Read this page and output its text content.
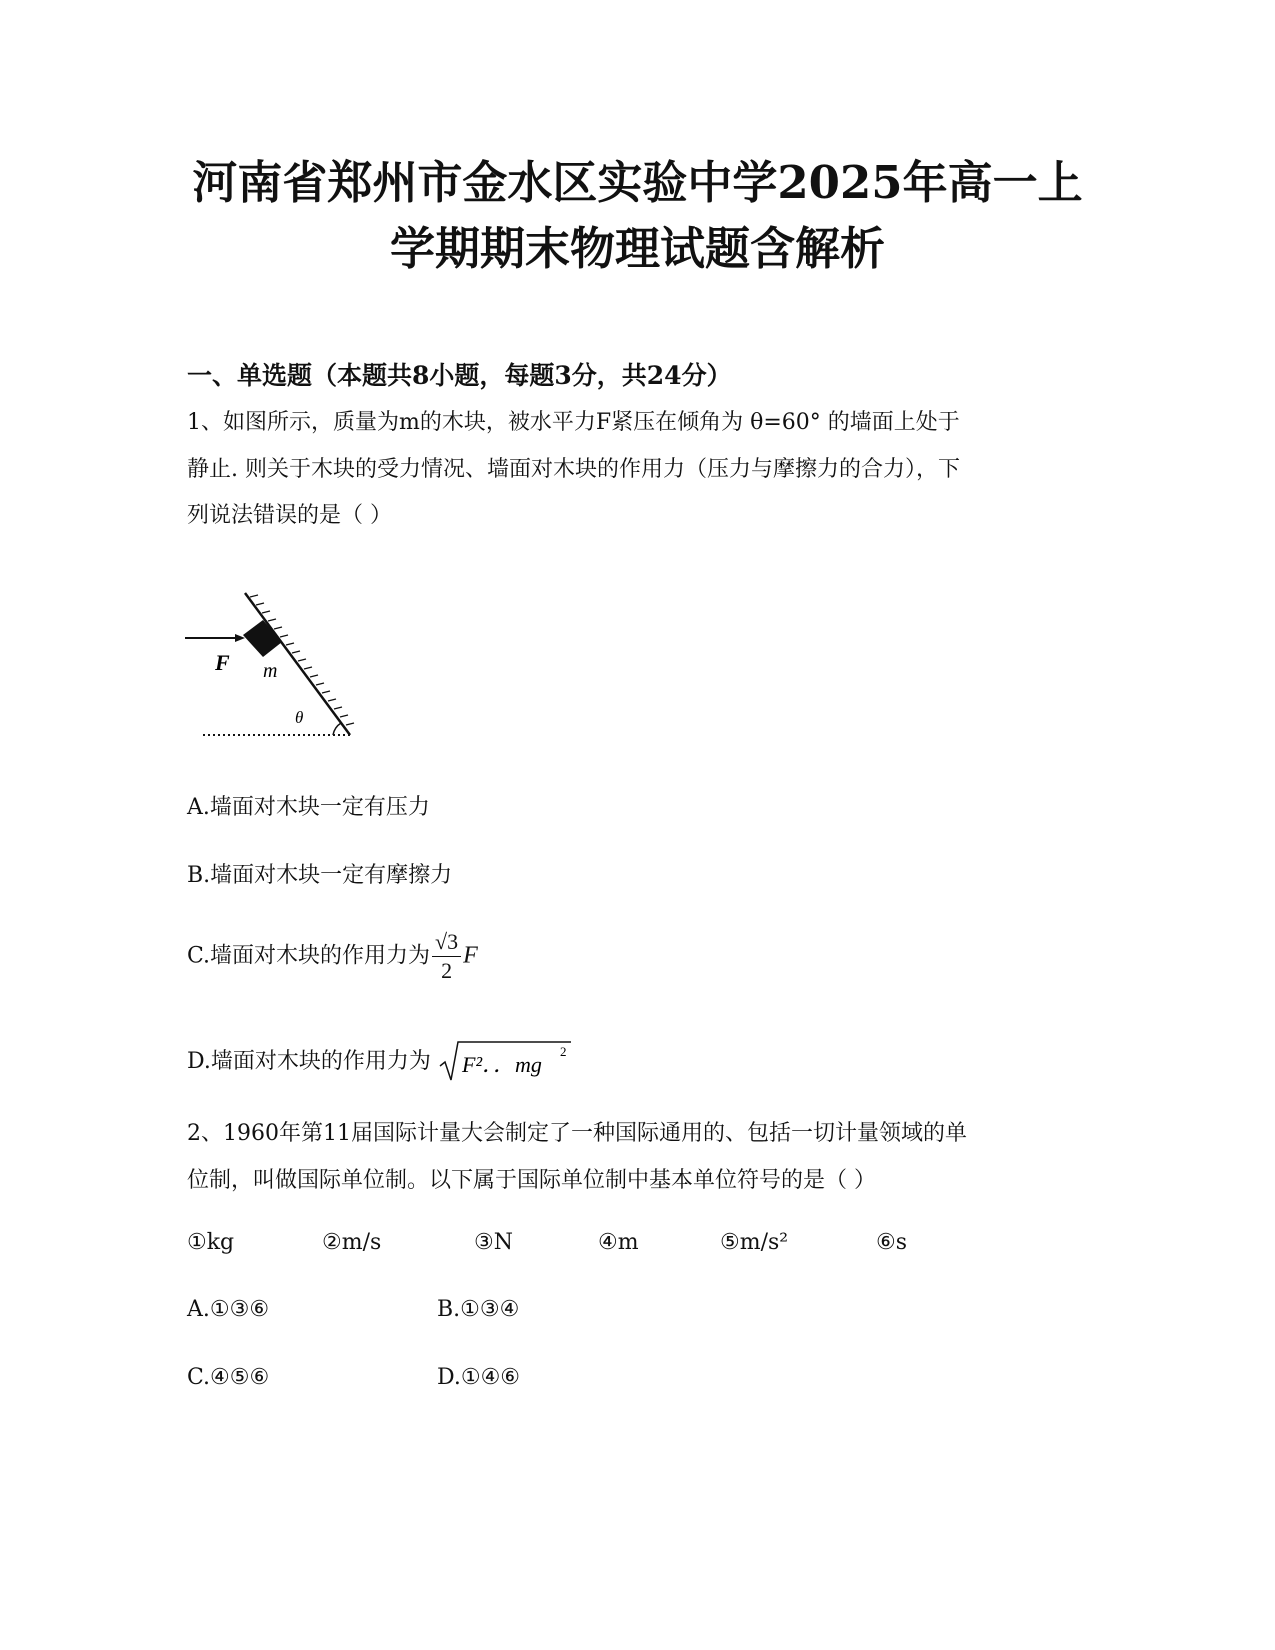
河南省郑州市金水区实验中学2025年高一上
学期期末物理试题含解析
一、单选题（本题共8小题，每题3分，共24分）
1、如图所示，质量为m的木块，被水平力F紧压在倾角为 θ=60° 的墙面上处于
静止. 则关于木块的受力情况、墙面对木块的作用力（压力与摩擦力的合力），下
列说法错误的是（ ）
F m
θ
A.墙面对木块一定有压力
B.墙面对木块一定有摩擦力
C.墙面对木块的作用力为 $\frac{√3}{2}$ F
D.墙面对木块的作用力为 F²．．mg
2
2、1960年第11届国际计量大会制定了一种国际通用的、包括一切计量领域的单
位制，叫做国际单位制。以下属于国际单位制中基本单位符号的是（ ）
①kg	②m/s	③N	④m	⑤m/s²	⑥s
A.①③⑥	B.①③④
C.④⑤⑥	D.①④⑥
